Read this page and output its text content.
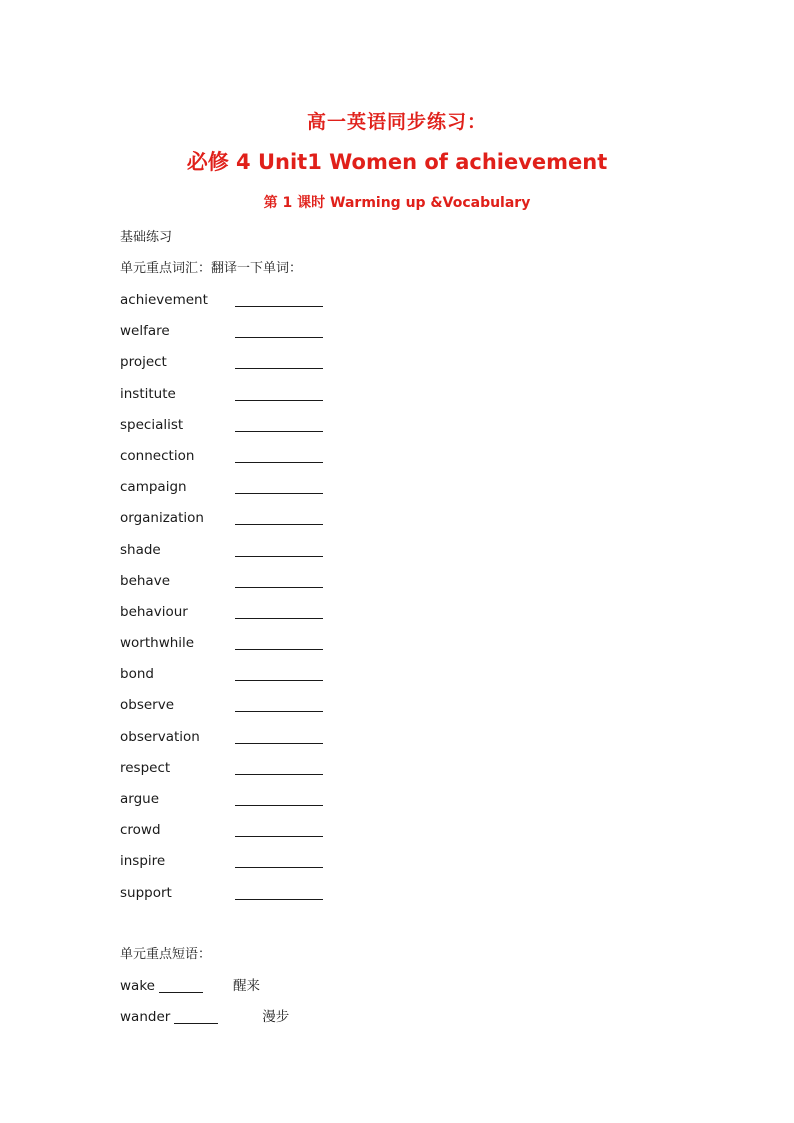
高一英语同步练习：
必修 4 Unit1 Women of achievement
第 1 课时 Warming up &Vocabulary
基础练习
单元重点词汇：翻译一下单词：
achievement
welfare
project
institute
specialist
connection
campaign
organization
shade
behave
behaviour
worthwhile
bond
observe
observation
respect
argue
crowd
inspire
support
单元重点短语：
wake	醒来
wander	漫步
